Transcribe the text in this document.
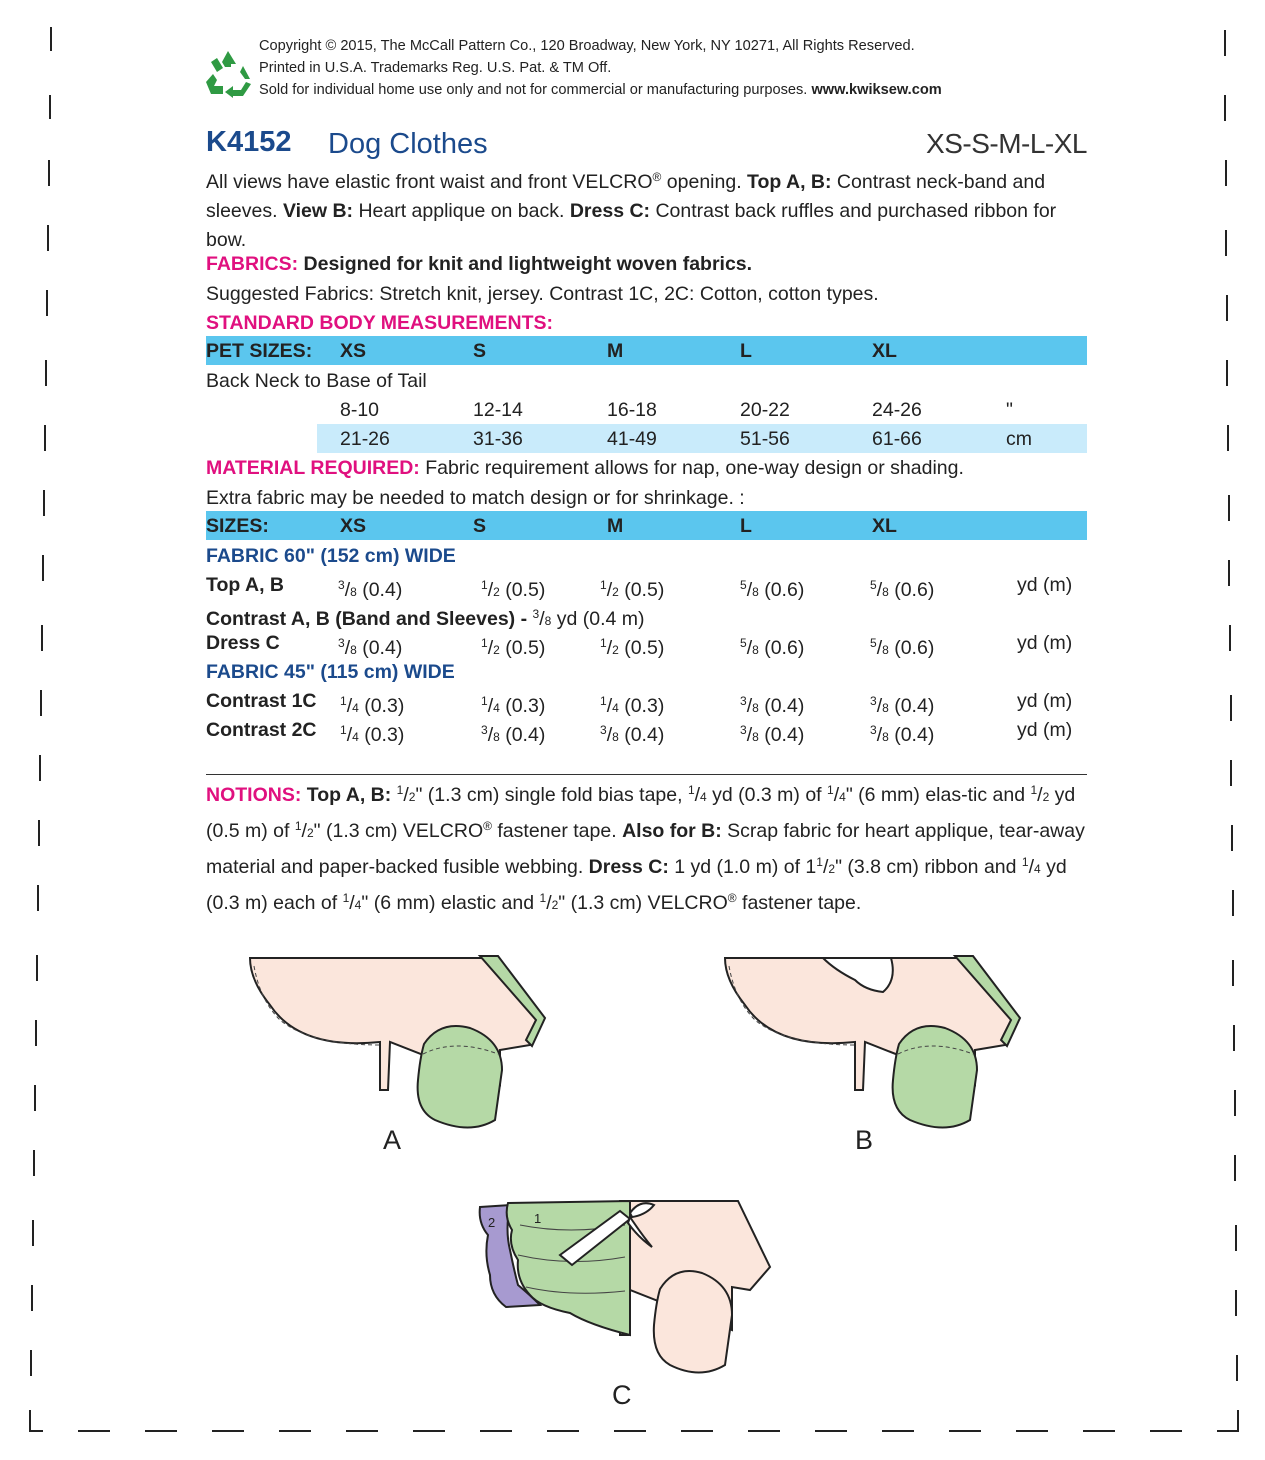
Copyright © 2015, The McCall Pattern Co., 120 Broadway, New York, NY 10271, All Rights Reserved.
Printed in U.S.A. Trademarks Reg. U.S. Pat. & TM Off.
Sold for individual home use only and not for commercial or manufacturing purposes. www.kwiksew.com
K4152 Dog Clothes	XS-S-M-L-XL
All views have elastic front waist and front VELCRO® opening. Top A, B: Contrast neck-band and sleeves. View B: Heart applique on back. Dress C: Contrast back ruffles and purchased ribbon for bow.
FABRICS: Designed for knit and lightweight woven fabrics.
Suggested Fabrics: Stretch knit, jersey. Contrast 1C, 2C: Cotton, cotton types.
STANDARD BODY MEASUREMENTS:
PET SIZES: XS	S	M	L	XL
Back Neck to Base of Tail
8-10	12-14	16-18	20-22	24-26	"
21-26	31-36	41-49	51-56	61-66	cm
MATERIAL REQUIRED: Fabric requirement allows for nap, one-way design or shading.
Extra fabric may be needed to match design or for shrinkage. :
SIZES:	XS	S	M	L	XL
FABRIC 60" (152 cm) WIDE
Top A, B	$^3$/8 (0.4)	$^1$/2 (0.5)	$^1$/2 (0.5)	$^5$/8 (0.6)	$^5$/8 (0.6)	yd (m)
Contrast A, B (Band and Sleeves) - $^3$/8 yd (0.4 m)
Dress C	$^3$/8 (0.4)	$^1$/2 (0.5)	$^1$/2 (0.5)	$^5$/8 (0.6)	$^5$/8 (0.6)	yd (m)
FABRIC 45" (115 cm) WIDE
Contrast 1C $^1$/4 (0.3)	$^1$/4 (0.3)	$^1$/4 (0.3)	$^3$/8 (0.4)	$^3$/8 (0.4)	yd (m)
Contrast 2C $^1$/4 (0.3)	$^3$/8 (0.4)	$^3$/8 (0.4)	$^3$/8 (0.4)	$^3$/8 (0.4)	yd (m)
NOTIONS: Top A, B: $^1$/2" (1.3 cm) single fold bias tape, $^1$/4 yd (0.3 m) of $^1$/4" (6 mm) elas-tic and $^1$/2 yd (0.5 m) of $^1$/2" (1.3 cm) VELCRO® fastener tape. Also for B: Scrap fabric for heart applique, tear-away material and paper-backed fusible webbing. Dress C: 1 yd (1.0 m) of $1^1/2$" (3.8 cm) ribbon and $^1$/4 yd (0.3 m) each of $^1$/4" (6 mm) elastic and $^1$/2" (1.3 cm) VELCRO® fastener tape.
A	B
2	1
C
